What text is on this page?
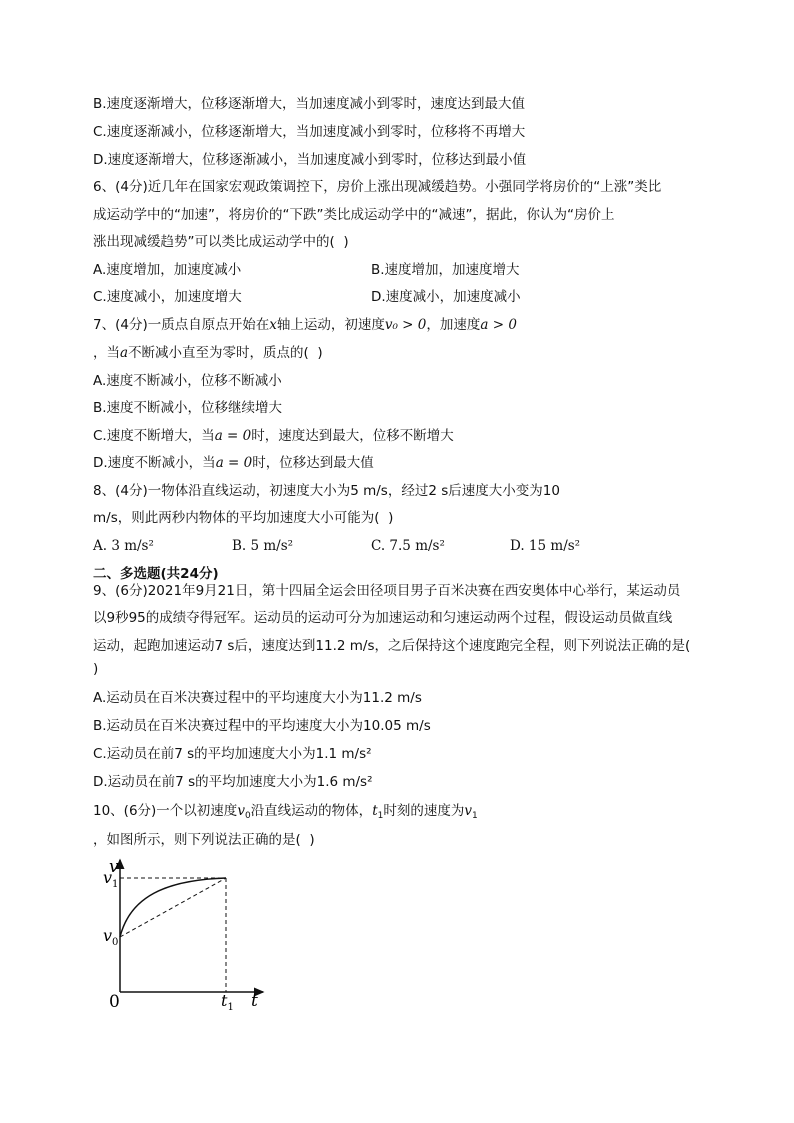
B.速度逐渐增大，位移逐渐增大，当加速度减小到零时，速度达到最大值
C.速度逐渐减小，位移逐渐增大，当加速度减小到零时，位移将不再增大
D.速度逐渐增大，位移逐渐减小，当加速度减小到零时，位移达到最小值
6、(4分)近几年在国家宏观政策调控下，房价上涨出现减缓趋势。小强同学将房价的“上涨”类比
成运动学中的“加速”，将房价的“下跌”类比成运动学中的“减速”，据此，你认为“房价上
涨出现减缓趋势”可以类比成运动学中的(  )
A.速度增加，加速度减小	B.速度增加，加速度增大
C.速度减小，加速度增大	D.速度减小，加速度减小
7、(4分)一质点自原点开始在x轴上运动，初速度v₀ > 0，加速度a > 0
，当a不断减小直至为零时，质点的(  )
A.速度不断减小，位移不断减小
B.速度不断减小，位移继续增大
C.速度不断增大，当a = 0时，速度达到最大，位移不断增大
D.速度不断减小，当a = 0时，位移达到最大值
8、(4分)一物体沿直线运动，初速度大小为5 m/s，经过2 s后速度大小变为10
m/s，则此两秒内物体的平均加速度大小可能为(  )
A. 3 m/s²	B. 5 m/s²	C. 7.5 m/s²	D. 15 m/s²
二、多选题(共24分)
9、(6分)2021年9月21日，第十四届全运会田径项目男子百米决赛在西安奥体中心举行，某运动员
以9秒95的成绩夺得冠军。运动员的运动可分为加速运动和匀速运动两个过程，假设运动员做直线
运动，起跑加速运动7 s后，速度达到11.2 m/s，之后保持这个速度跑完全程，则下列说法正确的是(
)
A.运动员在百米决赛过程中的平均速度大小为11.2 m/s
B.运动员在百米决赛过程中的平均速度大小为10.05 m/s
C.运动员在前7 s的平均加速度大小为1.1 m/s²
D.运动员在前7 s的平均加速度大小为1.6 m/s²
10、(6分)一个以初速度$v_0$沿直线运动的物体，$t_1$时刻的速度为$v_1$
，如图所示，则下列说法正确的是(  )
v
$v_1$
$v_0$
0	$t_1$ t
